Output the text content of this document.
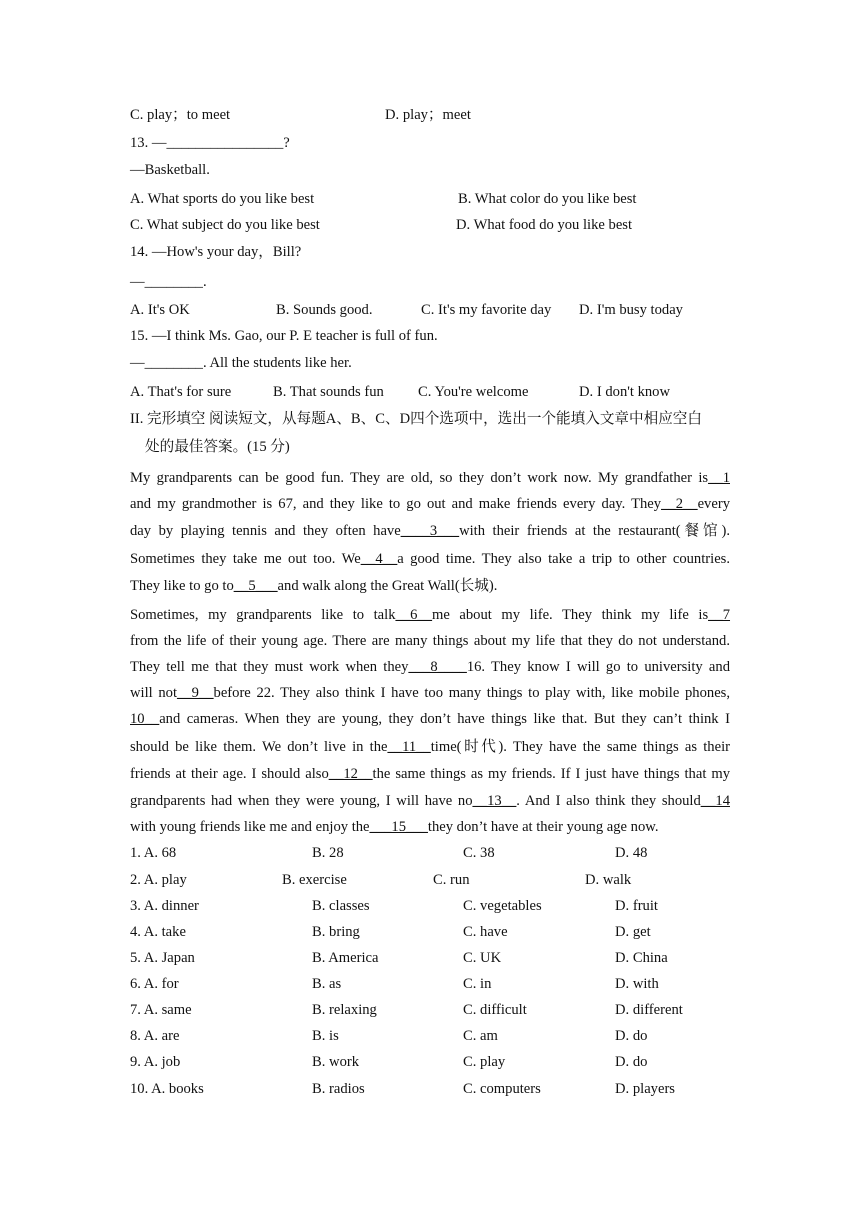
C. play；to meet	D. play；meet
13. —________________?
—Basketball.
A. What sports do you like best	B. What color do you like best
C. What subject do you like best	D. What food do you like best
14. —How's your day，Bill?
—________.
A. It's OK	B. Sounds good.	C. It's my favorite day D. I'm busy today
15. —I think Ms. Gao, our P. E teacher is full of fun.
—________. All the students like her.
A. That's for sure	B. That sounds fun C. You're welcome	D. I don't know
II. 完形填空 阅读短文，从每题A、B、C、D四个选项中，选出一个能填入文章中相应空白
处的最佳答案。(15 分)
My grandparents can be good fun. They are old, so they don’t work now. My grandfather is__1
and my grandmother is 67, and they like to go out and make friends every day. They__2__every
day by playing tennis and they often have____3___with their friends at the restaurant(餐馆).
Sometimes they take me out too. We__4__a good time. They also take a trip to other countries.
They like to go to__5___and walk along the Great Wall(长城).
Sometimes, my grandparents like to talk__6__me about my life. They think my life is__7
from the life of their young age. There are many things about my life that they do not understand.
They tell me that they must work when they___8____16. They know I will go to university and
will not__9__before 22. They also think I have too many things to play with, like mobile phones,
10__and cameras. When they are young, they don’t have things like that. But they can’t think I
should be like them. We don’t live in the__11__time(时代). They have the same things as their
friends at their age. I should also__12__the same things as my friends. If I just have things that my
grandparents had when they were young, I will have no__13__. And I also think they should__14
with young friends like me and enjoy the___15___they don’t have at their young age now.
1. A. 68	B. 28	C. 38	D. 48
2. A. play	B. exercise	C. run	D. walk
3. A. dinner	B. classes	C. vegetables	D. fruit
4. A. take	B. bring	C. have	D. get
5. A. Japan	B. America	C. UK	D. China
6. A. for	B. as	C. in	D. with
7. A. same	B. relaxing	C. difficult	D. different
8. A. are	B. is	C. am	D. do
9. A. job	B. work	C. play	D. do
10. A. books	B. radios	C. computers	D. players
